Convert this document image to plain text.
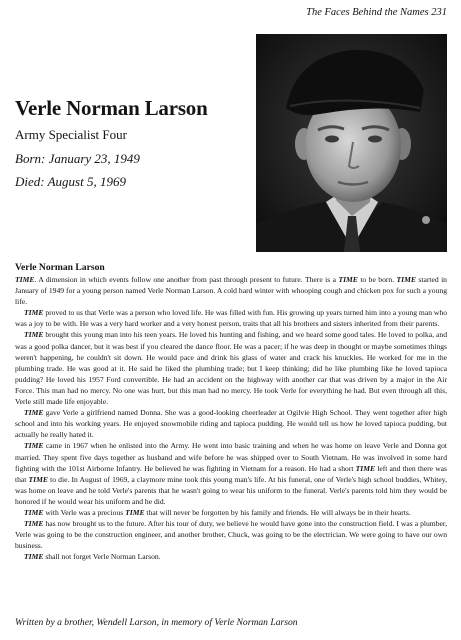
The Faces Behind the Names 231
Verle Norman Larson
Army Specialist Four
Born: January 23, 1949
Died: August 5, 1969
Verle Norman Larson

TIME. A dimension in which events follow one another from past through present to future. There is a TIME to be born. TIME started in January of 1949 for a young person named Verle Norman Larson. A cold hard winter with whooping cough and chicken pox for such a young life.

TIME proved to us that Verle was a person who loved life. He was filled with fun. His growing up years turned him into a young man who was a joy to be with. He was a very hard worker and a very honest person, traits that all his brothers and sisters inherited from their parents.

TIME brought this young man into his teen years. He loved his hunting and fishing, and we heard some good tales. He loved to polka, and was a good polka dancer, but it was best if you cleared the dance floor. He was a pacer; if he was deep in thought or maybe sometimes things weren't happening, he couldn't sit down. He would pace and drink his glass of water and crack his knuckles. He worked for me in the plumbing trade. He was good at it. He said he liked the plumbing trade; but I keep thinking; did he like plumbing like he loved tapioca pudding? He loved his 1957 Ford convertible. He had an accident on the highway with another car that was driven by a major in the Air Force. This man had no mercy. No one was hurt, but this man had no mercy. He took Verle for everything he had. But even through all this, Verle still made life enjoyable.

TIME gave Verle a girlfriend named Donna. She was a good-looking cheerleader at Ogilvie High School. They went together after high school and into his working years. He enjoyed snowmobile riding and tapioca pudding. He would tell us how he loved tapioca pudding, but actually he really hated it.

TIME came in 1967 when he enlisted into the Army. He went into basic training and when he was home on leave Verle and Donna got married. They spent five days together as husband and wife before he was shipped over to South Vietnam. He was involved in some hard fighting with the 101st Airborne Infantry. He believed he was fighting in Vietnam for a reason. He had a short TIME left and then there was that TIME to die. In August of 1969, a claymore mine took this young man's life. At his funeral, one of Verle's high school buddies, Whitey, was home on leave and he told Verle's parents that he wasn't going to wear his uniform to the funeral. Verle's parents told him they would be honored if he would wear his uniform and he did.

TIME with Verle was a precious TIME that will never be forgotten by his family and friends. He will always be in their hearts.

TIME has now brought us to the future. After his tour of duty, we believe he would have gone into the construction field. I was a plumber, Verle was going to be the construction engineer, and another brother, Chuck, was going to be the electrician. We were going to have our own business.

TIME shall not forget Verle Norman Larson.

Written by a brother, Wendell Larson, in memory of Verle Norman Larson
